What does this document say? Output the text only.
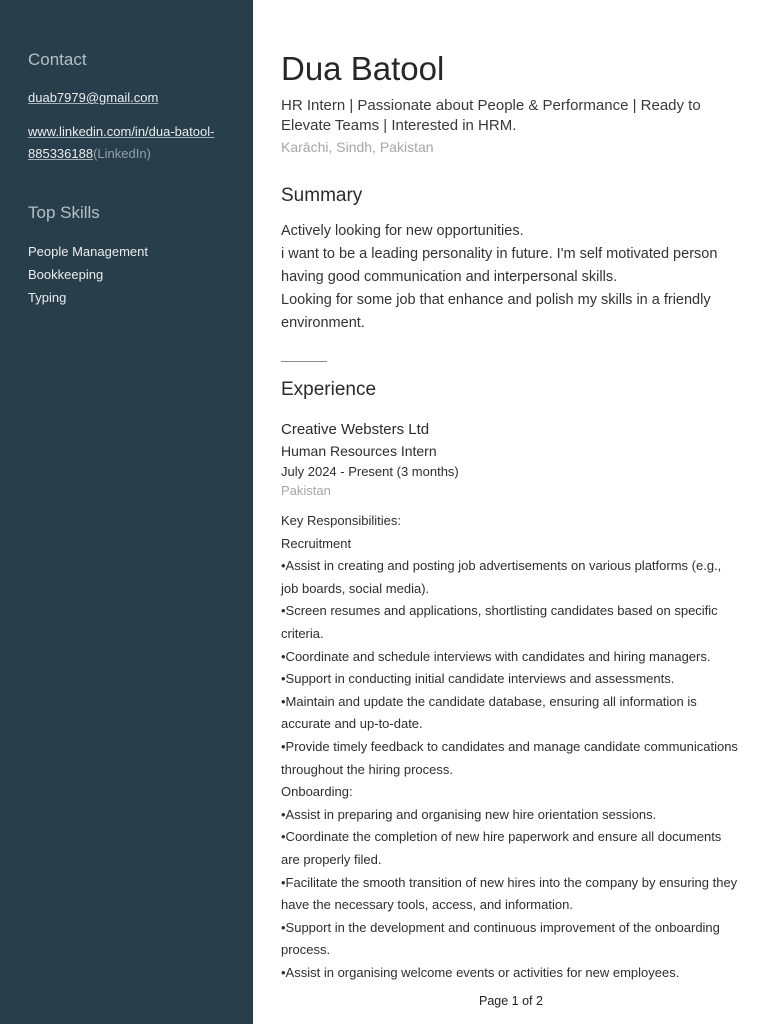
Contact
duab7979@gmail.com
www.linkedin.com/in/dua-batool-885336188(LinkedIn)
Top Skills

People Management

Bookkeeping

Typing

Dua Batool

HR Intern | Passionate about People & Performance | Ready to Elevate Teams | Interested in HRM.

Karāchi, Sindh, Pakistan

Summary

Actively looking for new opportunities.

i want to be a leading personality in future. I'm self motivated person having good communication and interpersonal skills.

Looking for some job that enhance and polish my skills in a friendly environment.

Experience

Creative Websters Ltd

Human Resources Intern

July 2024 - Present (3 months)

Pakistan

Key Responsibilities:

Recruitment

•Assist in creating and posting job advertisements on various platforms (e.g., job boards, social media).

•Screen resumes and applications, shortlisting candidates based on specific criteria.

•Coordinate and schedule interviews with candidates and hiring managers.

•Support in conducting initial candidate interviews and assessments.

•Maintain and update the candidate database, ensuring all information is accurate and up-to-date.

•Provide timely feedback to candidates and manage candidate communications throughout the hiring process.

Onboarding:

•Assist in preparing and organising new hire orientation sessions.

•Coordinate the completion of new hire paperwork and ensure all documents are properly filed.

•Facilitate the smooth transition of new hires into the company by ensuring they have the necessary tools, access, and information.

•Support in the development and continuous improvement of the onboarding process.

•Assist in organising welcome events or activities for new employees.

Page 1 of 2
